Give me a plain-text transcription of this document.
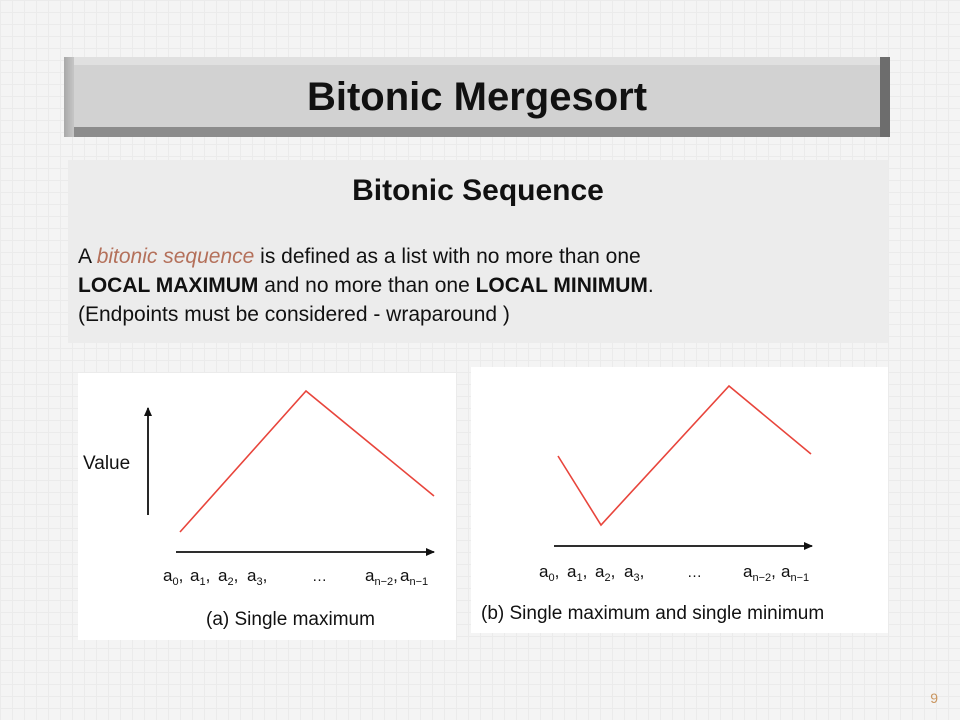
Bitonic Mergesort
Bitonic Sequence
A bitonic sequence is defined as a list with no more than one
LOCAL MAXIMUM and no more than one LOCAL MINIMUM.
(Endpoints must be considered - wraparound )
Value
$a_0$, $a_1$, $a_2$, $a_3$,	… $a_{n-2}$, $a_{n-1}$
(a) Single maximum
$a_0$, $a_1$, $a_2$, $a_3$,	… $a_{n-2}$, $a_{n-1}$
(b) Single maximum and single minimum
9
